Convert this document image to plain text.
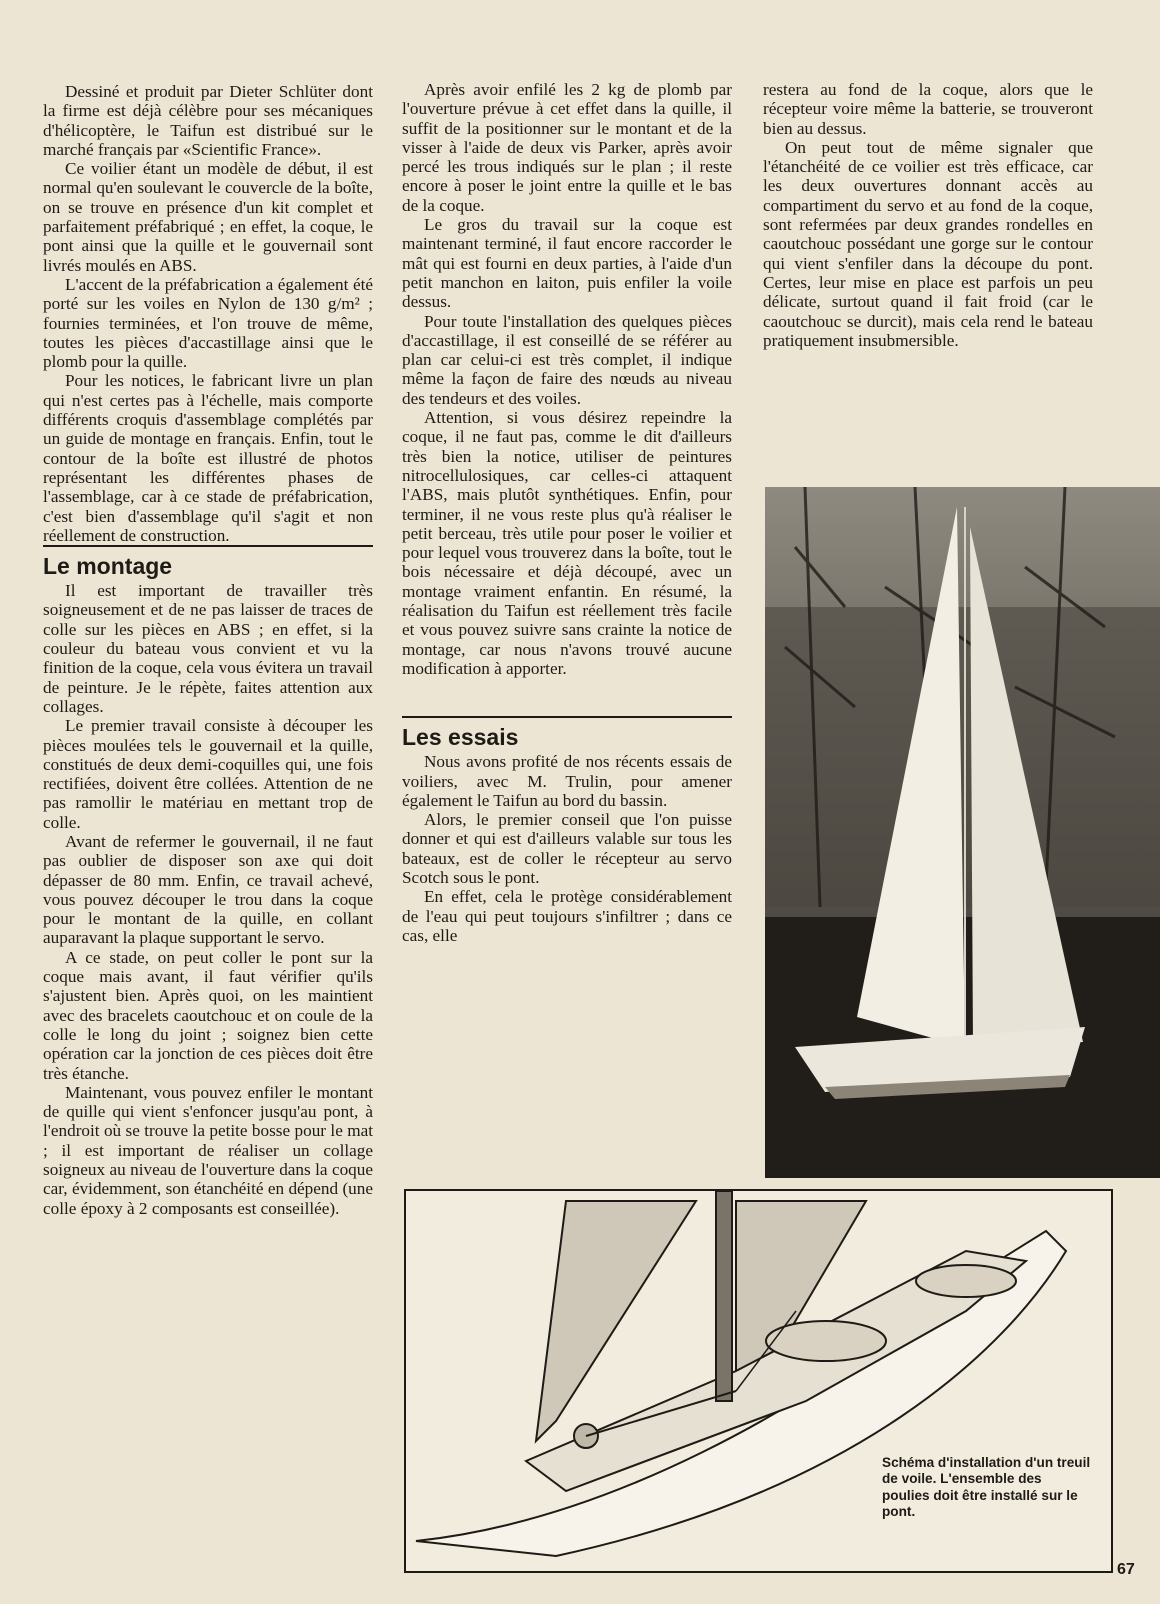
Dessiné et produit par Dieter Schlüter dont la firme est déjà célèbre pour ses mécaniques d'hélicoptère, le Taifun est distribué sur le marché français par «Scientific France».

Ce voilier étant un modèle de début, il est normal qu'en soulevant le couvercle de la boîte, on se trouve en présence d'un kit complet et parfaitement préfabriqué ; en effet, la coque, le pont ainsi que la quille et le gouvernail sont livrés moulés en ABS.

L'accent de la préfabrication a également été porté sur les voiles en Nylon de 130 g/m² ; fournies terminées, et l'on trouve de même, toutes les pièces d'accastillage ainsi que le plomb pour la quille.

Pour les notices, le fabricant livre un plan qui n'est certes pas à l'échelle, mais comporte différents croquis d'assemblage complétés par un guide de montage en français. Enfin, tout le contour de la boîte est illustré de photos représentant les différentes phases de l'assemblage, car à ce stade de préfabrication, c'est bien d'assemblage qu'il s'agit et non réellement de construction.

Le montage

Il est important de travailler très soigneusement et de ne pas laisser de traces de colle sur les pièces en ABS ; en effet, si la couleur du bateau vous convient et vu la finition de la coque, cela vous évitera un travail de peinture. Je le répète, faites attention aux collages.

Le premier travail consiste à découper les pièces moulées tels le gouvernail et la quille, constitués de deux demi-coquilles qui, une fois rectifiées, doivent être collées. Attention de ne pas ramollir le matériau en mettant trop de colle.

Avant de refermer le gouvernail, il ne faut pas oublier de disposer son axe qui doit dépasser de 80 mm. Enfin, ce travail achevé, vous pouvez découper le trou dans la coque pour le montant de la quille, en collant auparavant la plaque supportant le servo.

A ce stade, on peut coller le pont sur la coque mais avant, il faut vérifier qu'ils s'ajustent bien. Après quoi, on les maintient avec des bracelets caoutchouc et on coule de la colle le long du joint ; soignez bien cette opération car la jonction de ces pièces doit être très étanche.

Maintenant, vous pouvez enfiler le montant de quille qui vient s'enfoncer jusqu'au pont, à l'endroit où se trouve la petite bosse pour le mat ; il est important de réaliser un collage soigneux au niveau de l'ouverture dans la coque car, évidemment, son étanchéité en dépend (une colle époxy à 2 composants est conseillée).

Après avoir enfilé les 2 kg de plomb par l'ouverture prévue à cet effet dans la quille, il suffit de la positionner sur le montant et de la visser à l'aide de deux vis Parker, après avoir percé les trous indiqués sur le plan ; il reste encore à poser le joint entre la quille et le bas de la coque.

Le gros du travail sur la coque est maintenant terminé, il faut encore raccorder le mât qui est fourni en deux parties, à l'aide d'un petit manchon en laiton, puis enfiler la voile dessus.

Pour toute l'installation des quelques pièces d'accastillage, il est conseillé de se référer au plan car celui-ci est très complet, il indique même la façon de faire des nœuds au niveau des tendeurs et des voiles.

Attention, si vous désirez repeindre la coque, il ne faut pas, comme le dit d'ailleurs très bien la notice, utiliser de peintures nitrocellulosiques, car celles-ci attaquent l'ABS, mais plutôt synthétiques. Enfin, pour terminer, il ne vous reste plus qu'à réaliser le petit berceau, très utile pour poser le voilier et pour lequel vous trouverez dans la boîte, tout le bois nécessaire et déjà découpé, avec un montage vraiment enfantin. En résumé, la réalisation du Taifun est réellement très facile et vous pouvez suivre sans crainte la notice de montage, car nous n'avons trouvé aucune modification à apporter.

Les essais

Nous avons profité de nos récents essais de voiliers, avec M. Trulin, pour amener également le Taifun au bord du bassin.

Alors, le premier conseil que l'on puisse donner et qui est d'ailleurs valable sur tous les bateaux, est de coller le récepteur au servo Scotch sous le pont.

En effet, cela le protège considérablement de l'eau qui peut toujours s'infiltrer ; dans ce cas, elle

restera au fond de la coque, alors que le récepteur voire même la batterie, se trouveront bien au dessus.

On peut tout de même signaler que l'étanchéité de ce voilier est très efficace, car les deux ouvertures donnant accès au compartiment du servo et au fond de la coque, sont refermées par deux grandes rondelles en caoutchouc possédant une gorge sur le contour qui vient s'enfiler dans la découpe du pont. Certes, leur mise en place est parfois un peu délicate, surtout quand il fait froid (car le caoutchouc se durcit), mais cela rend le bateau pratiquement insubmersible.

Schéma d'installation d'un treuil de voile. L'ensemble des poulies doit être installé sur le pont.
67
